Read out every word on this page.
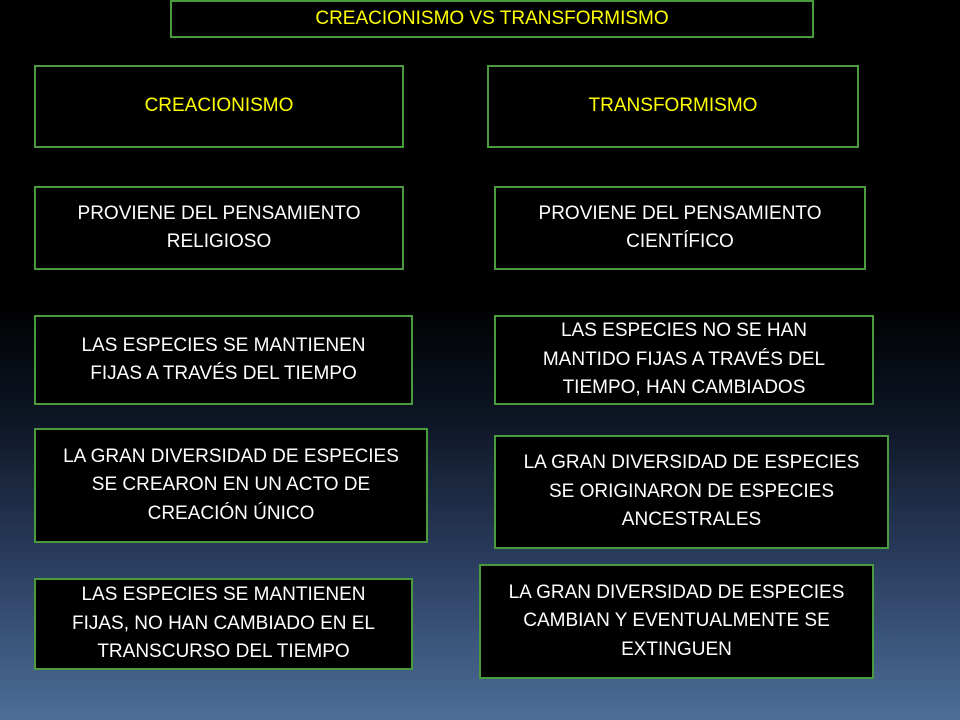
CREACIONISMO VS TRANSFORMISMO
CREACIONISMO	TRANSFORMISMO
PROVIENE DEL PENSAMIENTO
RELIGIOSO
PROVIENE DEL PENSAMIENTO
CIENTÍFICO
LAS ESPECIES SE MANTIENEN
FIJAS A TRAVÉS DEL TIEMPO
LAS ESPECIES NO SE HAN
MANTIDO FIJAS A TRAVÉS DEL
TIEMPO, HAN CAMBIADOS
LA GRAN DIVERSIDAD DE ESPECIES
SE CREARON EN UN ACTO DE
CREACIÓN ÚNICO
LA GRAN DIVERSIDAD DE ESPECIES
SE ORIGINARON DE ESPECIES
ANCESTRALES
LAS ESPECIES SE MANTIENEN
FIJAS, NO HAN CAMBIADO EN EL
TRANSCURSO DEL TIEMPO
LA GRAN DIVERSIDAD DE ESPECIES
CAMBIAN Y EVENTUALMENTE SE
EXTINGUEN
